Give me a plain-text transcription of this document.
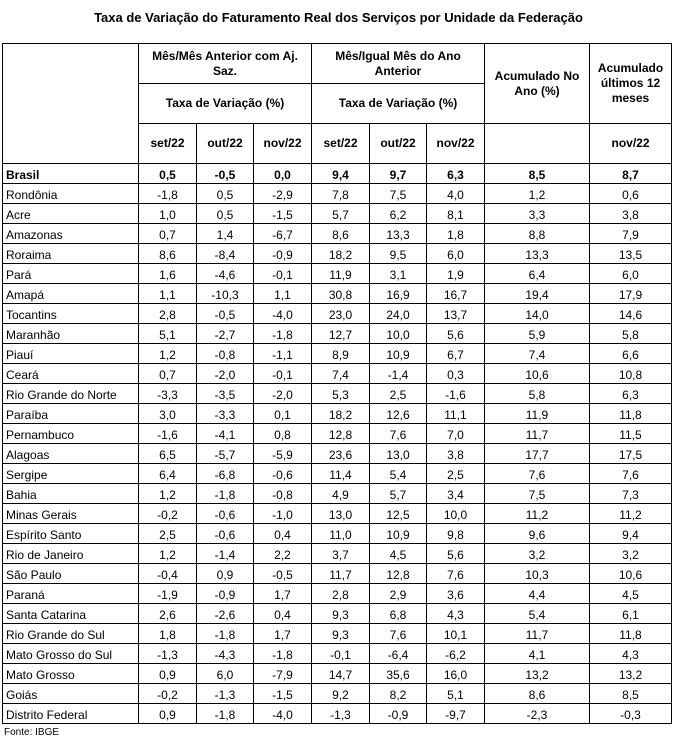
Taxa de Variação do Faturamento Real dos Serviços por Unidade da Federação
	Mês/Mês Anterior com Aj. Saz.			Mês/Igual Mês do Ano Anterior			Acumulado No Ano (%)	Acumulado últimos 12 meses
	Taxa de Variação (%)			Taxa de Variação (%)				
	set/22	out/22	nov/22	set/22	out/22	nov/22		nov/22
Brasil	0,5	-0,5	0,0	9,4	9,7	6,3	8,5	8,7
Rondônia	-1,8	0,5	-2,9	7,8	7,5	4,0	1,2	0,6
Acre	1,0	0,5	-1,5	5,7	6,2	8,1	3,3	3,8
Amazonas	0,7	1,4	-6,7	8,6	13,3	1,8	8,8	7,9
Roraima	8,6	-8,4	-0,9	18,2	9,5	6,0	13,3	13,5
Pará	1,6	-4,6	-0,1	11,9	3,1	1,9	6,4	6,0
Amapá	1,1	-10,3	1,1	30,8	16,9	16,7	19,4	17,9
Tocantins	2,8	-0,5	-4,0	23,0	24,0	13,7	14,0	14,6
Maranhão	5,1	-2,7	-1,8	12,7	10,0	5,6	5,9	5,8
Piauí	1,2	-0,8	-1,1	8,9	10,9	6,7	7,4	6,6
Ceará	0,7	-2,0	-0,1	7,4	-1,4	0,3	10,6	10,8
Rio Grande do Norte	-3,3	-3,5	-2,0	5,3	2,5	-1,6	5,8	6,3
Paraíba	3,0	-3,3	0,1	18,2	12,6	11,1	11,9	11,8
Pernambuco	-1,6	-4,1	0,8	12,8	7,6	7,0	11,7	11,5
Alagoas	6,5	-5,7	-5,9	23,6	13,0	3,8	17,7	17,5
Sergipe	6,4	-6,8	-0,6	11,4	5,4	2,5	7,6	7,6
Bahia	1,2	-1,8	-0,8	4,9	5,7	3,4	7,5	7,3
Minas Gerais	-0,2	-0,6	-1,0	13,0	12,5	10,0	11,2	11,2
Espírito Santo	2,5	-0,6	0,4	11,0	10,9	9,8	9,6	9,4
Rio de Janeiro	1,2	-1,4	2,2	3,7	4,5	5,6	3,2	3,2
São Paulo	-0,4	0,9	-0,5	11,7	12,8	7,6	10,3	10,6
Paraná	-1,9	-0,9	1,7	2,8	2,9	3,6	4,4	4,5
Santa Catarina	2,6	-2,6	0,4	9,3	6,8	4,3	5,4	6,1
Rio Grande do Sul	1,8	-1,8	1,7	9,3	7,6	10,1	11,7	11,8
Mato Grosso do Sul	-1,3	-4,3	-1,8	-0,1	-6,4	-6,2	4,1	4,3
Mato Grosso	0,9	6,0	-7,9	14,7	35,6	16,0	13,2	13,2
Goiás	-0,2	-1,3	-1,5	9,2	8,2	5,1	8,6	8,5
Distrito Federal	0,9	-1,8	-4,0	-1,3	-0,9	-9,7	-2,3	-0,3
Fonte: IBGE
